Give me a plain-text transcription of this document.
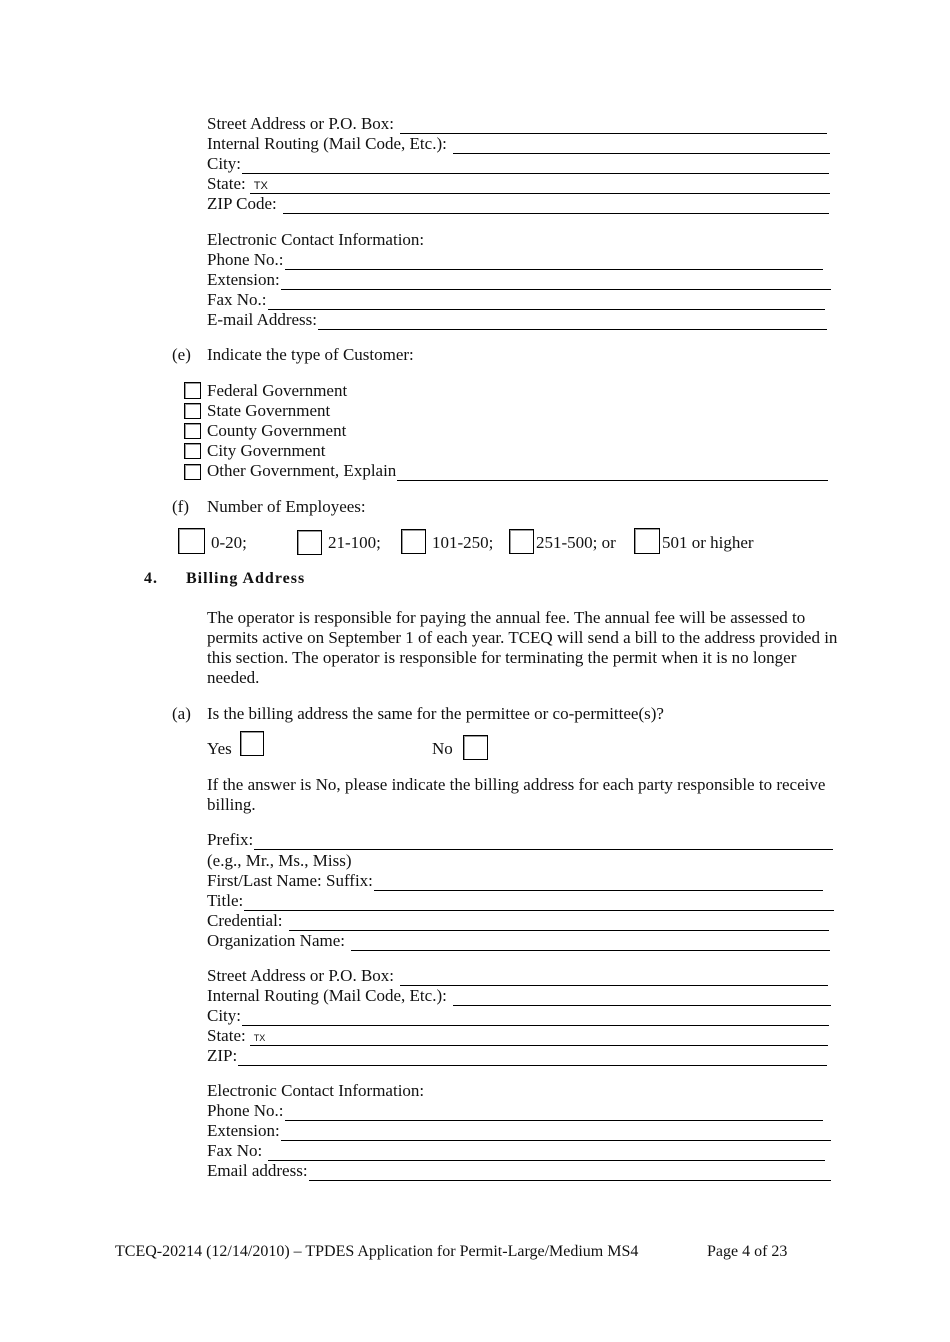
Street Address or P.O. Box:
Internal Routing (Mail Code, Etc.):
City:
State: TX
ZIP Code:
Electronic Contact Information:
Phone No.:
Extension:
Fax No.:
E-mail Address:
(e) Indicate the type of Customer:
Federal Government
State Government
County Government
City Government
Other Government, Explain
(f) Number of Employees:
0-20;	21-100;	101-250;	251-500; or	501 or higher
4. Billing Address
The operator is responsible for paying the annual fee. The annual fee will be assessed to permits active on September 1 of each year. TCEQ will send a bill to the address provided in this section. The operator is responsible for terminating the permit when it is no longer needed.
(a) Is the billing address the same for the permittee or co-permittee(s)?
Yes	No
If the answer is No, please indicate the billing address for each party responsible to receive billing.
Prefix:
(e.g., Mr., Ms., Miss)
First/Last Name: Suffix:
Title:
Credential:
Organization Name:
Street Address or P.O. Box:
Internal Routing (Mail Code, Etc.):
City:
State: TX
ZIP:
Electronic Contact Information:
Phone No.:
Extension:
Fax No:
Email address:
TCEQ-20214 (12/14/2010) – TPDES Application for Permit-Large/Medium MS4	Page 4 of 23
